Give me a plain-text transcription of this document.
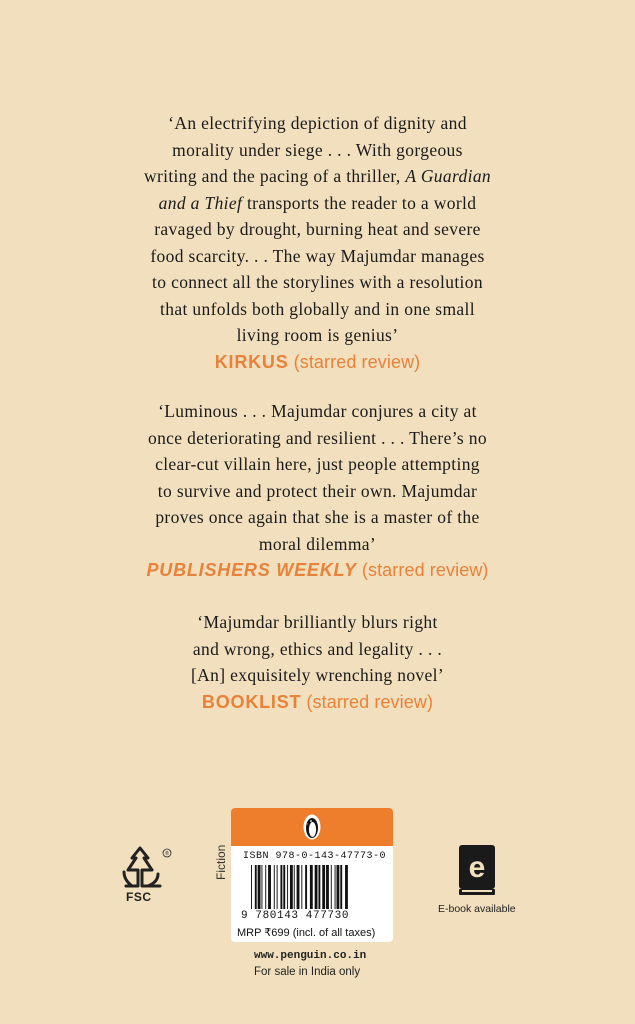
‘An electrifying depiction of dignity and
morality under siege . . . With gorgeous
writing and the pacing of a thriller, A Guardian
and a Thief transports the reader to a world
ravaged by drought, burning heat and severe
food scarcity. . . The way Majumdar manages
to connect all the storylines with a resolution
that unfolds both globally and in one small
living room is genius’
KIRKUS (starred review)
‘Luminous . . . Majumdar conjures a city at
once deteriorating and resilient . . . There’s no
clear-cut villain here, just people attempting
to survive and protect their own. Majumdar
proves once again that she is a master of the
moral dilemma’
PUBLISHERS WEEKLY (starred review)
‘Majumdar brilliantly blurs right
and wrong, ethics and legality . . .
[An] exquisitely wrenching novel’
BOOKLIST (starred review)
®
FSC
Fiction ISBN 978-0-143-47773-0
9 780143 477730
MRP ₹699 (incl. of all taxes)
www.penguin.co.in
For sale in India only
e
E-book available
